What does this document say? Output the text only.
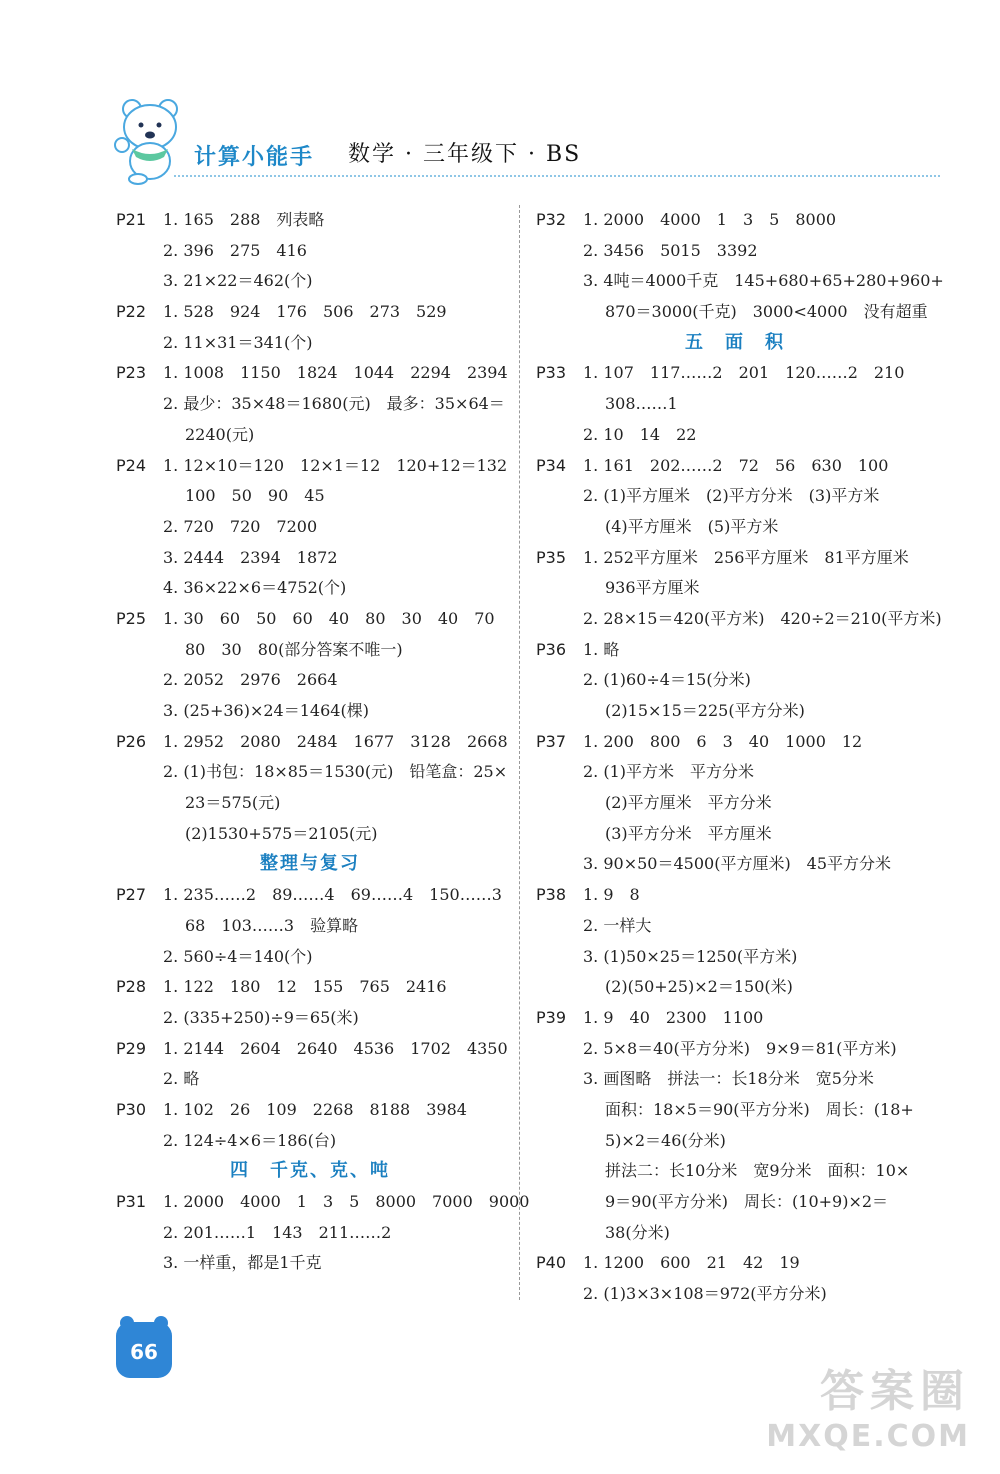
计算小能手 数学 · 三年级下 · BS
P21 1. 165　288　列表略
2. 396　275　416
3. 21×22＝462(个)
P22 1. 528　924　176　506　273　529
2. 11×31＝341(个)
P23 1. 1008　1150　1824　1044　2294　2394
2. 最少：35×48＝1680(元)　最多：35×64＝
2240(元)
P24 1. 12×10＝120　12×1＝12　120+12＝132
100　50　90　45
2. 720　720　7200
3. 2444　2394　1872
4. 36×22×6＝4752(个)
P25 1. 30　60　50　60　40　80　30　40　70
80　30　80(部分答案不唯一)
2. 2052　2976　2664
3. (25+36)×24＝1464(棵)
P26 1. 2952　2080　2484　1677　3128　2668
2. (1)书包：18×85＝1530(元)　铅笔盒：25×
23＝575(元)
(2)1530+575＝2105(元)
整理与复习
P27 1. 235……2　89……4　69……4　150……3
68　103……3　验算略
2. 560÷4＝140(个)
P28 1. 122　180　12　155　765　2416
2. (335+250)÷9＝65(米)
P29 1. 2144　2604　2640　4536　1702　4350
2. 略
P30 1. 102　26　109　2268　8188　3984
2. 124÷4×6＝186(台)
四　千克、克、吨
P31 1. 2000　4000　1　3　5　8000　7000　9000
2. 201……1　143　211……2
3. 一样重，都是1千克
P32 1. 2000　4000　1　3　5　8000
2. 3456　5015　3392
3. 4吨＝4000千克　145+680+65+280+960+
870＝3000(千克)　3000<4000　没有超重
五　面　积
P33 1. 107　117……2　201　120……2　210
308……1
2. 10　14　22
P34 1. 161　202……2　72　56　630　100
2. (1)平方厘米　(2)平方分米　(3)平方米
(4)平方厘米　(5)平方米
P35 1. 252平方厘米　256平方厘米　81平方厘米
936平方厘米
2. 28×15＝420(平方米)　420÷2＝210(平方米)
P36 1. 略
2. (1)60÷4＝15(分米)
(2)15×15＝225(平方分米)
P37 1. 200　800　6　3　40　1000　12
2. (1)平方米　平方分米
(2)平方厘米　平方分米
(3)平方分米　平方厘米
3. 90×50＝4500(平方厘米)　45平方分米
P38 1. 9　8
2. 一样大
3. (1)50×25＝1250(平方米)
(2)(50+25)×2＝150(米)
P39 1. 9　40　2300　1100
2. 5×8＝40(平方分米)　9×9＝81(平方米)
3. 画图略　拼法一：长18分米　宽5分米
面积：18×5＝90(平方分米)　周长：(18+
5)×2＝46(分米)
拼法二：长10分米　宽9分米　面积：10×
9＝90(平方分米)　周长：(10+9)×2＝
38(分米)
P40 1. 1200　600　21　42　19
2. (1)3×3×108＝972(平方分米)
66
答案圈
MXQE.COM
